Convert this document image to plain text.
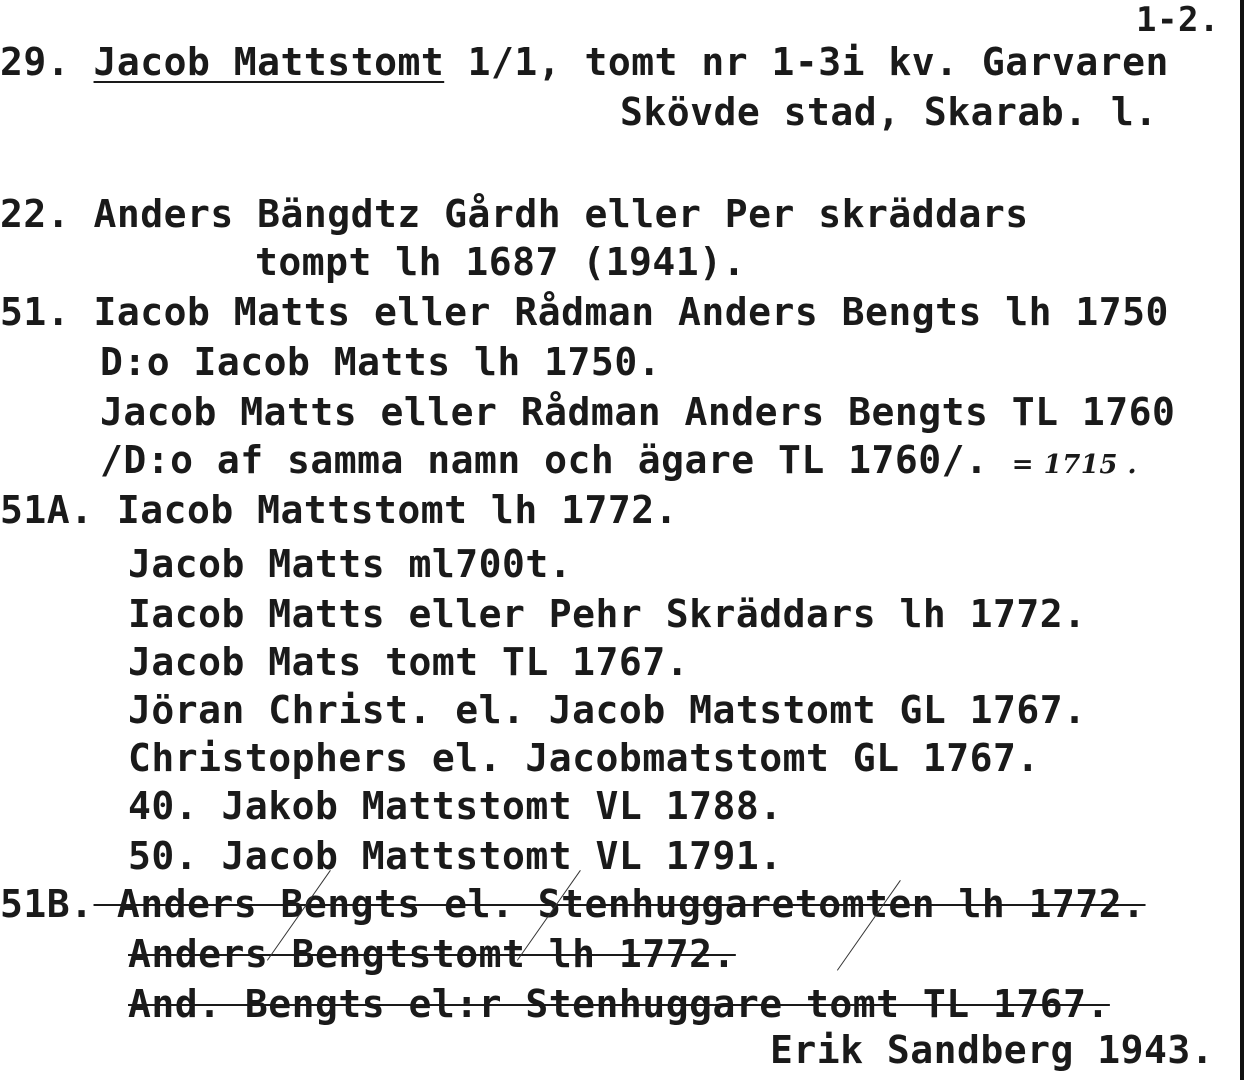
1-2.
29. Jacob Mattstomt 1/1, tomt nr 1-3i kv. Garvaren
Skövde stad, Skarab. l.
22. Anders Bängdtz Gårdh eller Per skräddars
tompt lh 1687 (1941).
51. Iacob Matts eller Rådman Anders Bengts lh 1750
D:o Iacob Matts lh 1750.
Jacob Matts eller Rådman Anders Bengts TL 1760
/D:o af samma namn och ägare TL 1760/. = 1715 .
51A. Iacob Mattstomt lh 1772.
Jacob Matts ml700t.
Iacob Matts eller Pehr Skräddars lh 1772.
Jacob Mats tomt TL 1767.
Jöran Christ. el. Jacob Matstomt GL 1767.
Christophers el. Jacobmatstomt GL 1767.
40. Jakob Mattstomt VL 1788.
50. Jacob Mattstomt VL 1791.
51B. Anders Bengts el. Stenhuggaretomten lh 1772.
Anders Bengtstomt lh 1772.
And. Bengts el:r Stenhuggare tomt TL 1767.
Erik Sandberg 1943.
